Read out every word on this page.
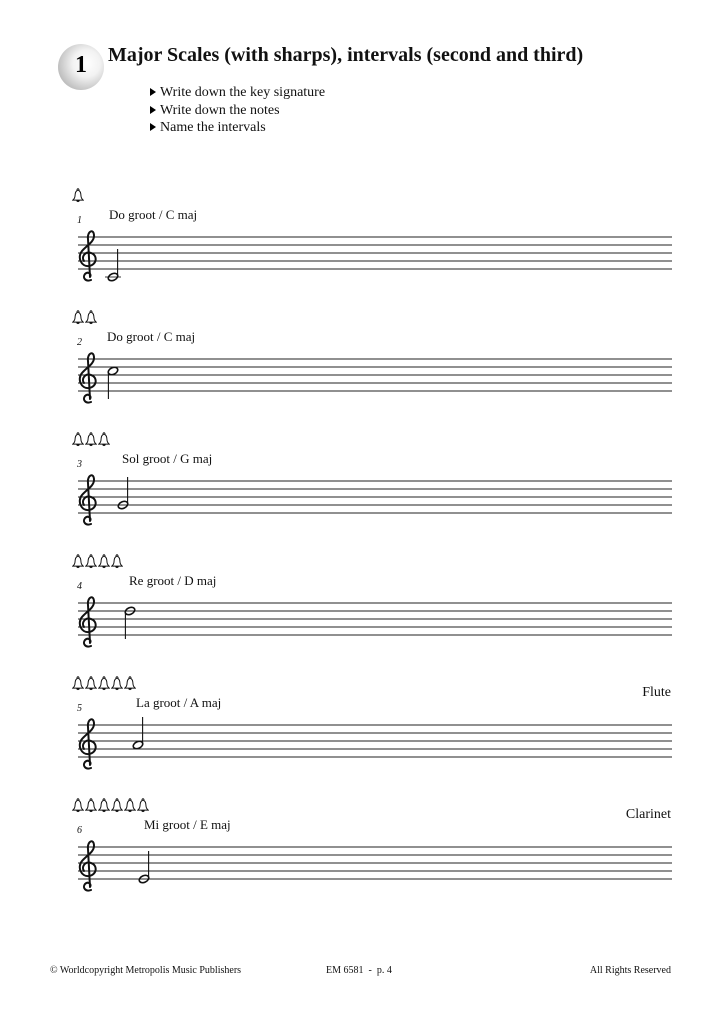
1	Major Scales (with sharps), intervals (second and third)
Write down the key signature
Write down the notes
Name the intervals
1 Do groot / C maj
2 Do groot / C maj
3	Sol groot / G maj
4	Re groot / D maj
5	La groot / A maj
Flute
6	Mi groot / E maj
Clarinet
© Worldcopyright Metropolis Music Publishers	EM 6581  -  p. 4	All Rights Reserved
